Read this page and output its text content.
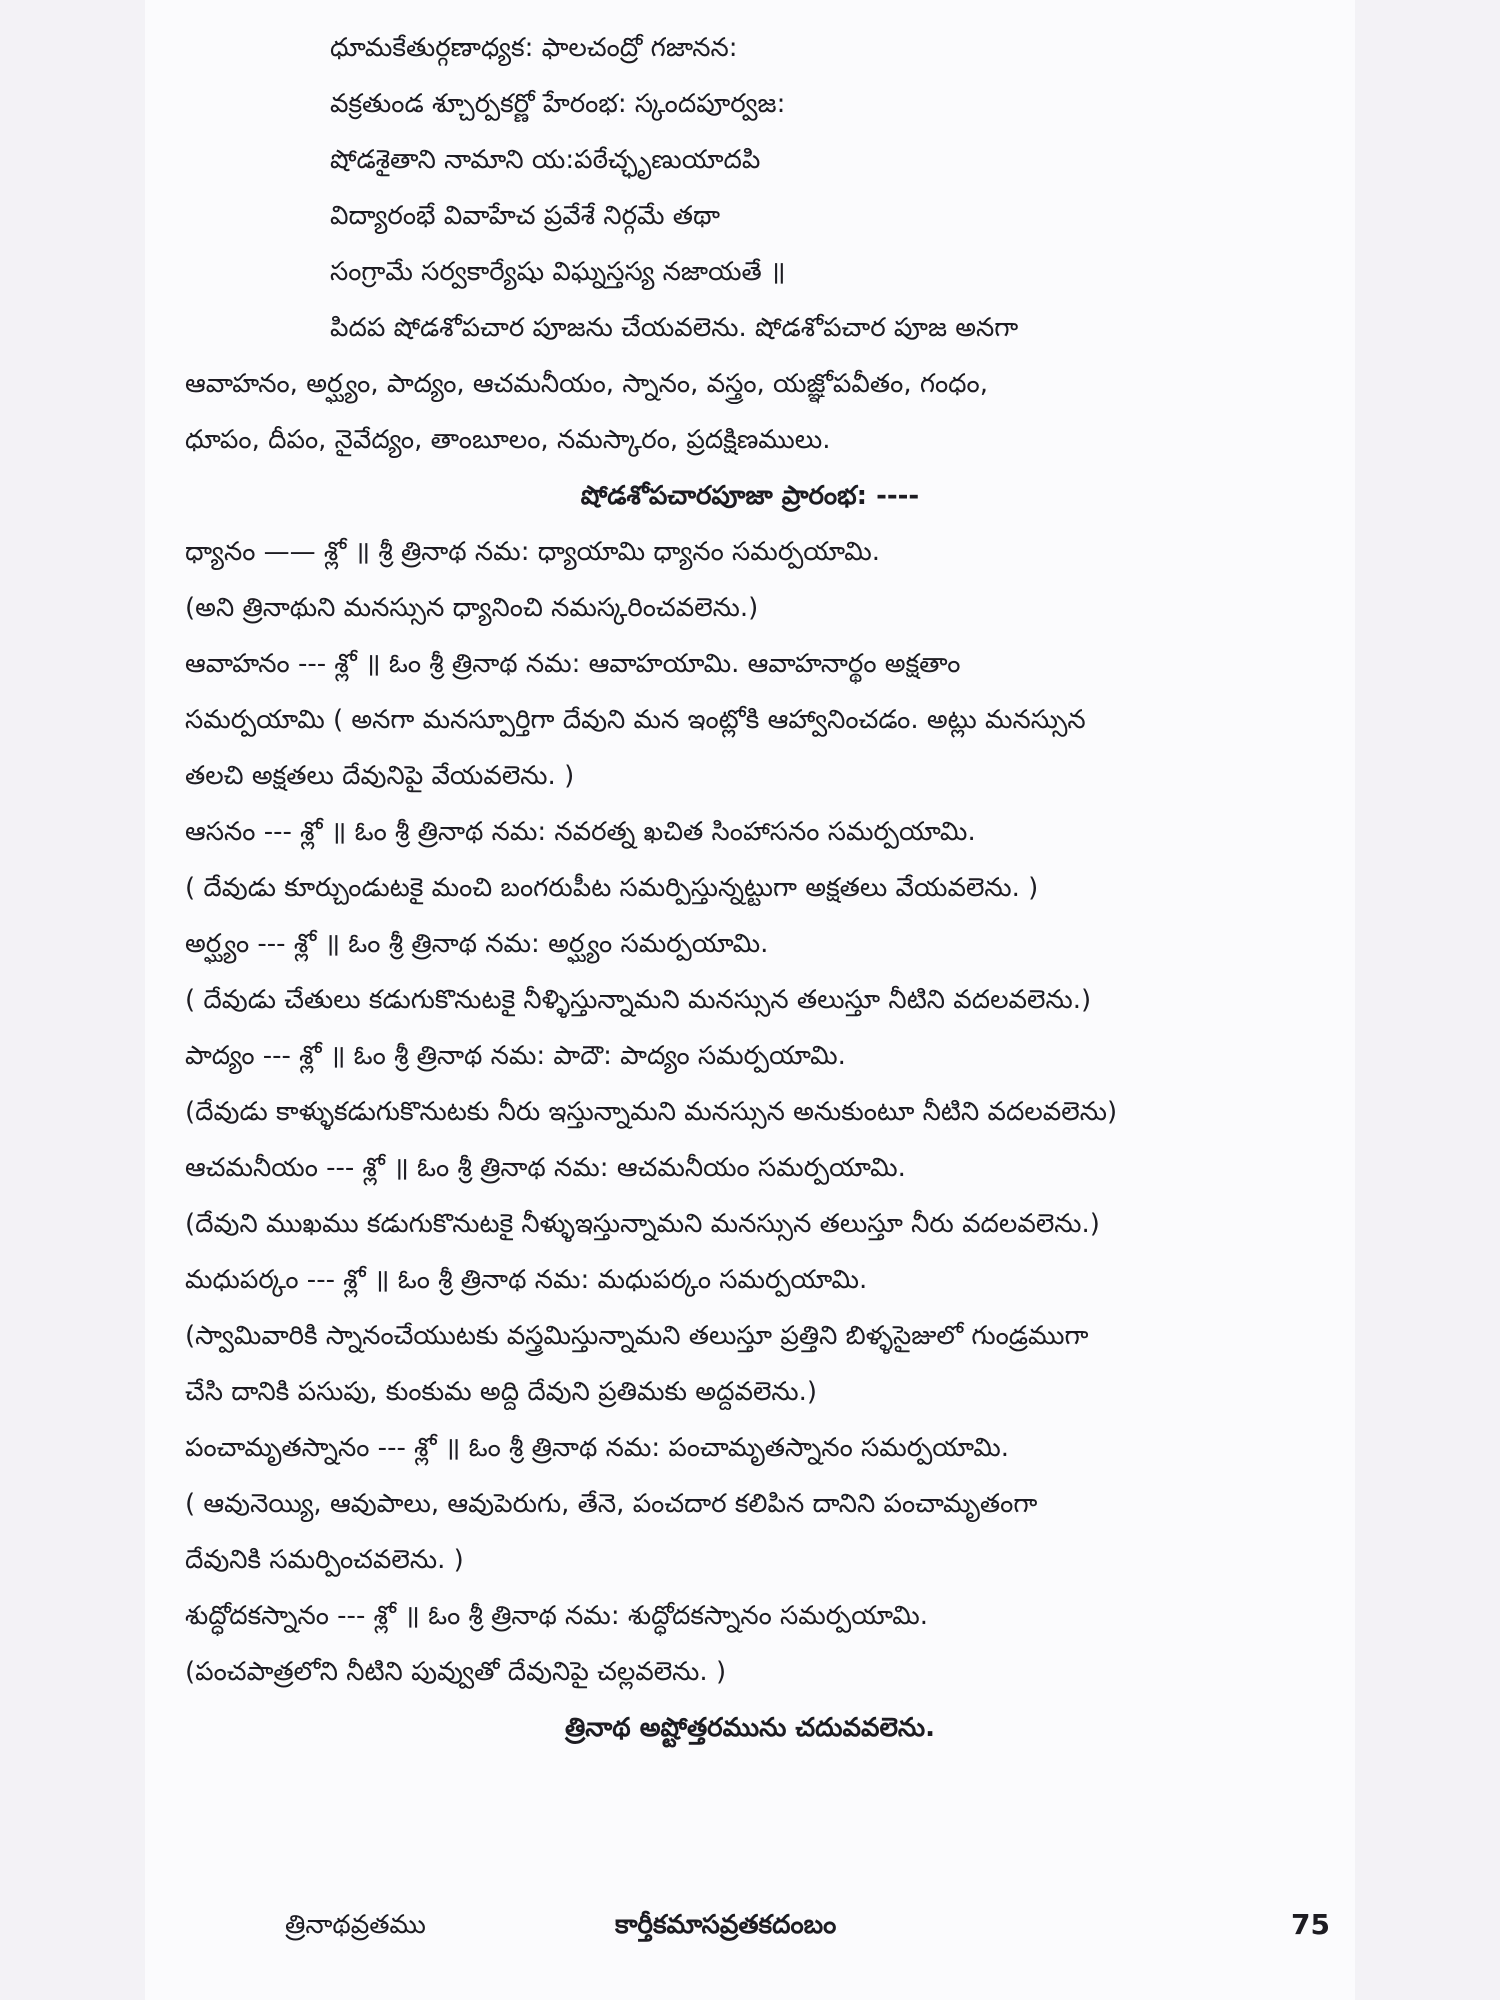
ధూమకేతుర్గణాధ్యక: ఫాలచంద్రో గజానన:
వక్రతుండ శ్చూర్పకర్ణో హేరంభ: స్కందపూర్వజ:
షోడశైతాని నామాని య:పఠేచ్ఛృణుయాదపి
విద్యారంభే వివాహేచ ప్రవేశే నిర్గమే తథా
సంగ్రామే సర్వకార్యేషు విఘ్నస్తస్య నజాయతే ॥
పిదప షోడశోపచార పూజను చేయవలెను. షోడశోపచార పూజ అనగా
ఆవాహనం, అర్ఘ్యం, పాద్యం, ఆచమనీయం, స్నానం, వస్త్రం, యజ్ఞోపవీతం, గంధం,
ధూపం, దీపం, నైవేద్యం, తాంబూలం, నమస్కారం, ప్రదక్షిణములు.
షోడశోపచారపూజా ప్రారంభ: ----
ధ్యానం —— శ్లో ॥ శ్రీ త్రినాథ నమ: ధ్యాయామి ధ్యానం సమర్పయామి.
(అని త్రినాథుని మనస్సున ధ్యానించి నమస్కరించవలెను.)
ఆవాహనం --- శ్లో ॥ ఓం శ్రీ త్రినాథ నమ: ఆవాహయామి. ఆవాహనార్థం అక్షతాం
సమర్పయామి ( అనగా మనస్పూర్తిగా దేవుని మన ఇంట్లోకి ఆహ్వానించడం. అట్లు మనస్సున
తలచి అక్షతలు దేవునిపై వేయవలెను. )
ఆసనం --- శ్లో ॥ ఓం శ్రీ త్రినాథ నమ: నవరత్న ఖచిత సింహాసనం సమర్పయామి.
( దేవుడు కూర్చుండుటకై మంచి బంగరుపీట సమర్పిస్తున్నట్టుగా అక్షతలు వేయవలెను. )
అర్ఘ్యం --- శ్లో ॥ ఓం శ్రీ త్రినాథ నమ: అర్ఘ్యం సమర్పయామి.
( దేవుడు చేతులు కడుగుకొనుటకై నీళ్ళిస్తున్నామని మనస్సున తలుస్తూ నీటిని వదలవలెను.)
పాద్యం --- శ్లో ॥ ఓం శ్రీ త్రినాథ నమ: పాదౌ: పాద్యం సమర్పయామి.
(దేవుడు కాళ్ళుకడుగుకొనుటకు నీరు ఇస్తున్నామని మనస్సున అనుకుంటూ నీటిని వదలవలెను)
ఆచమనీయం --- శ్లో ॥ ఓం శ్రీ త్రినాథ నమ: ఆచమనీయం సమర్పయామి.
(దేవుని ముఖము కడుగుకొనుటకై నీళ్ళుఇస్తున్నామని మనస్సున తలుస్తూ నీరు వదలవలెను.)
మధుపర్కం --- శ్లో ॥ ఓం శ్రీ త్రినాథ నమ: మధుపర్కం సమర్పయామి.
(స్వామివారికి స్నానంచేయుటకు వస్త్రమిస్తున్నామని తలుస్తూ ప్రత్తిని బిళ్ళసైజులో గుండ్రముగా
చేసి దానికి పసుపు, కుంకుమ అద్ది దేవుని ప్రతిమకు అద్దవలెను.)
పంచామృతస్నానం --- శ్లో ॥ ఓం శ్రీ త్రినాథ నమ: పంచామృతస్నానం సమర్పయామి.
( ఆవునెయ్యి, ఆవుపాలు, ఆవుపెరుగు, తేనె, పంచదార కలిపిన దానిని పంచామృతంగా
దేవునికి సమర్పించవలెను. )
శుద్ధోదకస్నానం --- శ్లో ॥ ఓం శ్రీ త్రినాథ నమ: శుద్ధోదకస్నానం సమర్పయామి.
(పంచపాత్రలోని నీటిని పువ్వుతో దేవునిపై చల్లవలెను. )
త్రినాథ అష్టోత్తరమును చదువవలెను.
త్రినాథవ్రతము	కార్తీకమాసవ్రతకదంబం	75
